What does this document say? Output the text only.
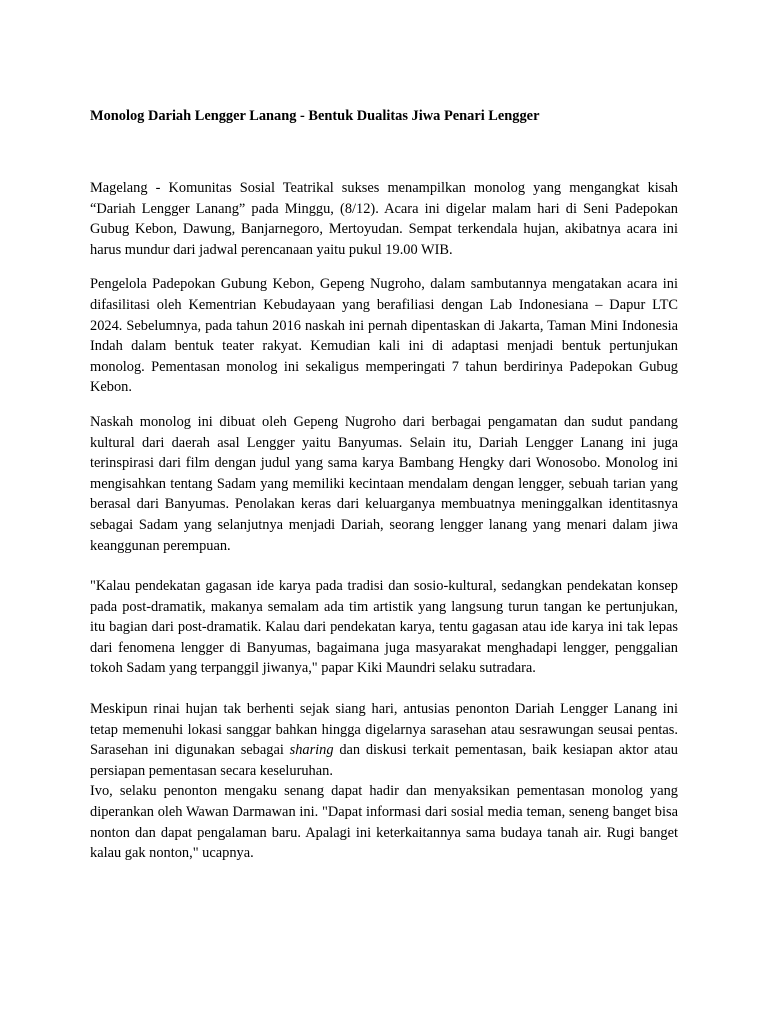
Monolog Dariah Lengger Lanang - Bentuk Dualitas Jiwa Penari Lengger

Magelang - Komunitas Sosial Teatrikal sukses menampilkan monolog yang mengangkat kisah “Dariah Lengger Lanang” pada Minggu, (8/12). Acara ini digelar malam hari di Seni Padepokan Gubug Kebon, Dawung, Banjarnegoro, Mertoyudan. Sempat terkendala hujan, akibatnya acara ini harus mundur dari jadwal perencanaan yaitu pukul 19.00 WIB.

Pengelola Padepokan Gubung Kebon, Gepeng Nugroho, dalam sambutannya mengatakan acara ini difasilitasi oleh Kementrian Kebudayaan yang berafiliasi dengan Lab Indonesiana – Dapur LTC 2024. Sebelumnya, pada tahun 2016 naskah ini pernah dipentaskan di Jakarta, Taman Mini Indonesia Indah dalam bentuk teater rakyat. Kemudian kali ini di adaptasi menjadi bentuk pertunjukan monolog. Pementasan monolog ini sekaligus memperingati 7 tahun berdirinya Padepokan Gubug Kebon.

Naskah monolog ini dibuat oleh Gepeng Nugroho dari berbagai pengamatan dan sudut pandang kultural dari daerah asal Lengger yaitu Banyumas. Selain itu, Dariah Lengger Lanang ini juga terinspirasi dari film dengan judul yang sama karya Bambang Hengky dari Wonosobo. Monolog ini mengisahkan tentang Sadam yang memiliki kecintaan mendalam dengan lengger, sebuah tarian yang berasal dari Banyumas. Penolakan keras dari keluarganya membuatnya meninggalkan identitasnya sebagai Sadam yang selanjutnya menjadi Dariah, seorang lengger lanang yang menari dalam jiwa keanggunan perempuan.

"Kalau pendekatan gagasan ide karya pada tradisi dan sosio-kultural, sedangkan pendekatan konsep pada post-dramatik, makanya semalam ada tim artistik yang langsung turun tangan ke pertunjukan, itu bagian dari post-dramatik. Kalau dari pendekatan karya, tentu gagasan atau ide karya ini tak lepas dari fenomena lengger di Banyumas, bagaimana juga masyarakat menghadapi lengger, penggalian tokoh Sadam yang terpanggil jiwanya," papar Kiki Maundri selaku sutradara.

Meskipun rinai hujan tak berhenti sejak siang hari, antusias penonton Dariah Lengger Lanang ini tetap memenuhi lokasi sanggar bahkan hingga digelarnya sarasehan atau sesrawungan seusai pentas. Sarasehan ini digunakan sebagai sharing dan diskusi terkait pementasan, baik kesiapan aktor atau persiapan pementasan secara keseluruhan.

Ivo, selaku penonton mengaku senang dapat hadir dan menyaksikan pementasan monolog yang diperankan oleh Wawan Darmawan ini. "Dapat informasi dari sosial media teman, seneng banget bisa nonton dan dapat pengalaman baru. Apalagi ini keterkaitannya sama budaya tanah air. Rugi banget kalau gak nonton," ucapnya.
